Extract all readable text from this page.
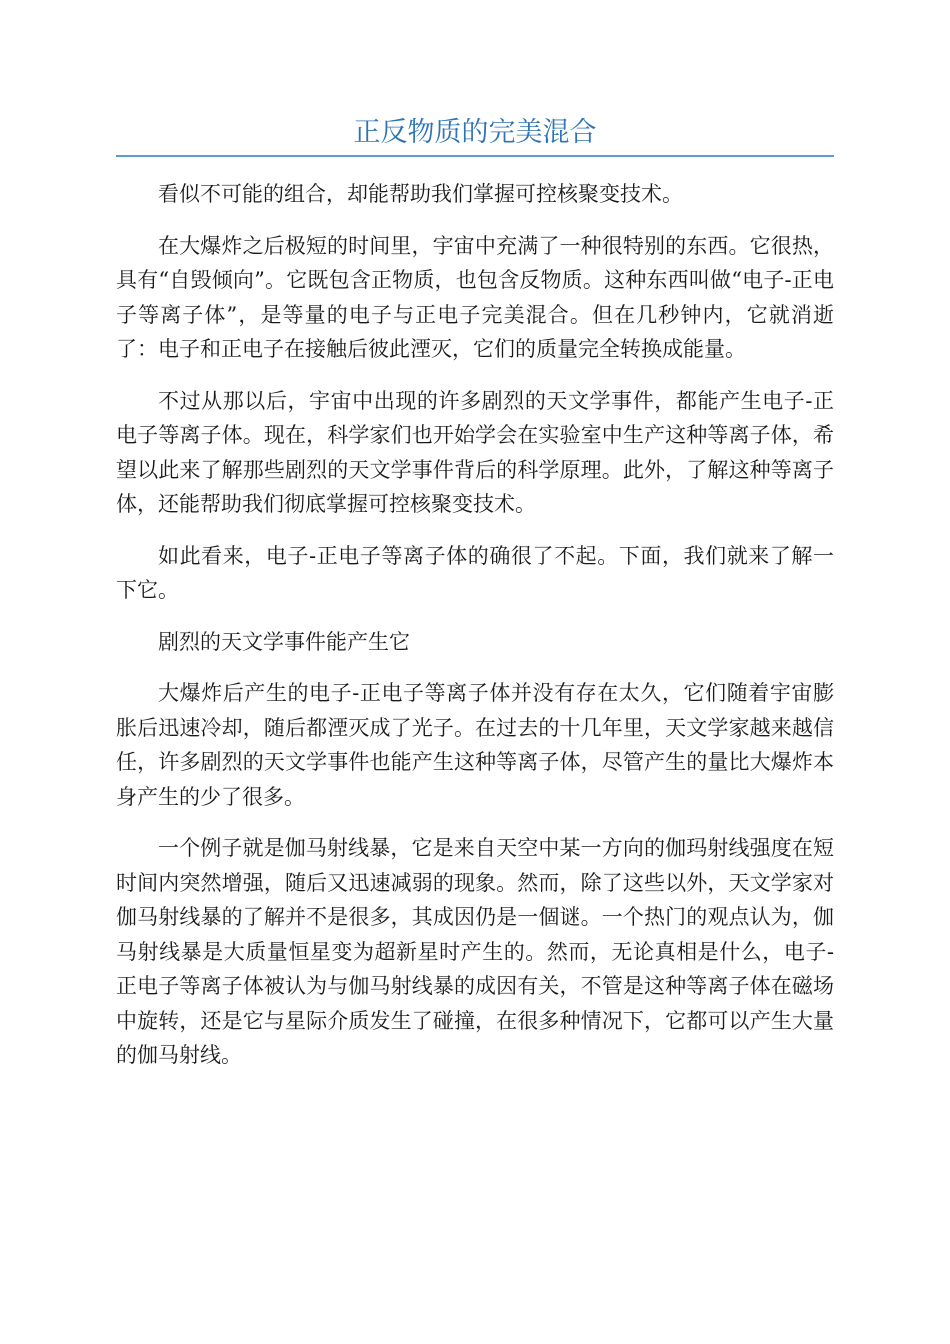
正反物质的完美混合

看似不可能的组合，却能帮助我们掌握可控核聚变技术。

在大爆炸之后极短的时间里，宇宙中充满了一种很特别的东西。它很热，具有“自毁倾向”。它既包含正物质，也包含反物质。这种东西叫做“电子-正电子等离子体”，是等量的电子与正电子完美混合。但在几秒钟内，它就消逝了：电子和正电子在接触后彼此湮灭，它们的质量完全转换成能量。

不过从那以后，宇宙中出现的许多剧烈的天文学事件，都能产生电子-正电子等离子体。现在，科学家们也开始学会在实验室中生产这种等离子体，希望以此来了解那些剧烈的天文学事件背后的科学原理。此外，了解这种等离子体，还能帮助我们彻底掌握可控核聚变技术。

如此看来，电子-正电子等离子体的确很了不起。下面，我们就来了解一下它。

剧烈的天文学事件能产生它

大爆炸后产生的电子-正电子等离子体并没有存在太久，它们随着宇宙膨胀后迅速冷却，随后都湮灭成了光子。在过去的十几年里，天文学家越来越信任，许多剧烈的天文学事件也能产生这种等离子体，尽管产生的量比大爆炸本身产生的少了很多。

一个例子就是伽马射线暴，它是来自天空中某一方向的伽玛射线强度在短时间内突然增强，随后又迅速减弱的现象。然而，除了这些以外，天文学家对伽马射线暴的了解并不是很多，其成因仍是一個谜。一个热门的观点认为，伽马射线暴是大质量恒星变为超新星时产生的。然而，无论真相是什么，电子-正电子等离子体被认为与伽马射线暴的成因有关，不管是这种等离子体在磁场中旋转，还是它与星际介质发生了碰撞，在很多种情况下，它都可以产生大量的伽马射线。
